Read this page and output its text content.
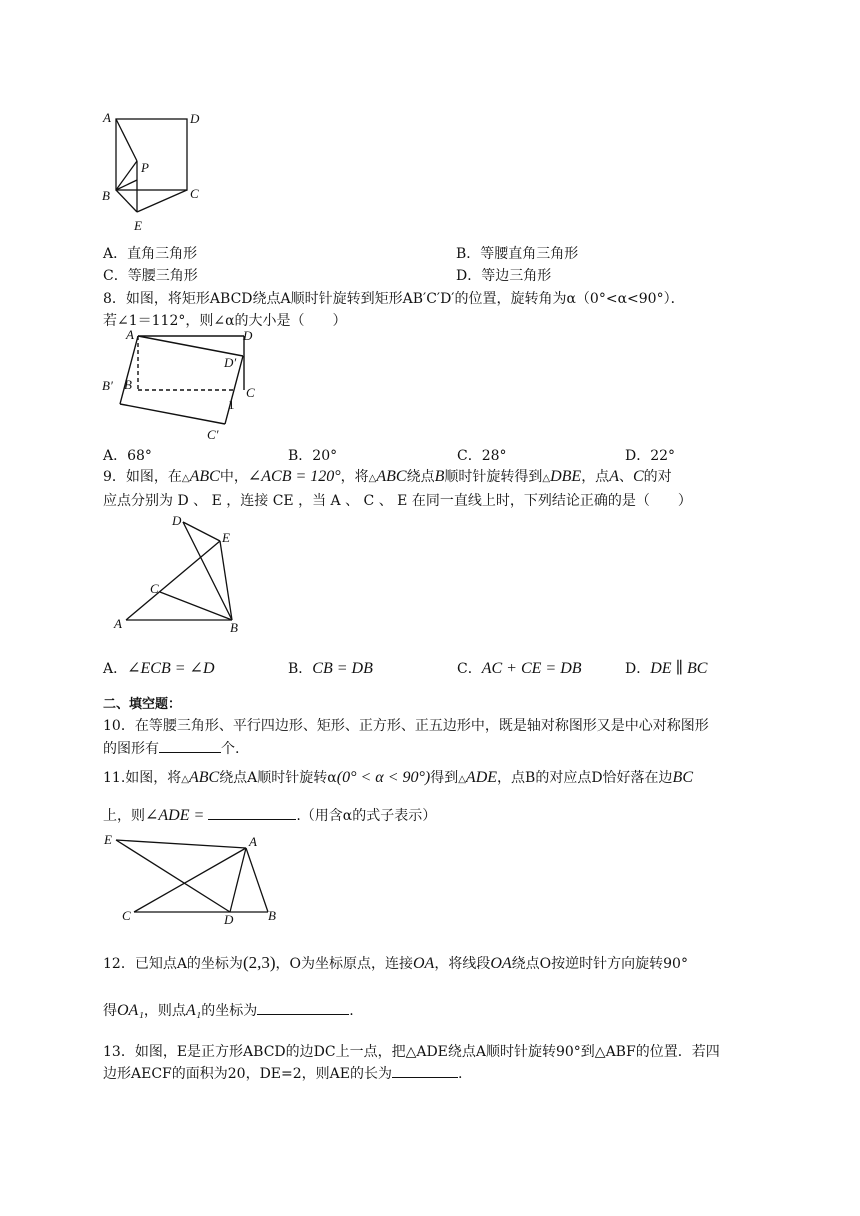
A	D
P
B	C
E
A．直角三角形	B．等腰直角三角形
C．等腰三角形	D．等边三角形
8．如图，将矩形ABCD绕点A顺时针旋转到矩形AB′C′D′的位置，旋转角为α（0°<α<90°）．
若∠1＝112°，则∠α的大小是（　　）
A	D
D′
B′ B
C
1
C′
A．68°	B．20°	C．28°	D．22°
9．如图，在△ABC中，∠ACB = 120°，将△ABC绕点B顺时针旋转得到△DBE，点A、C的对
应点分别为 D 、 E ，连接 CE ，当 A 、 C 、 E 在同一直线上时，下列结论正确的是（　　）
D
E
C
A	B
A．∠ECB = ∠D	B．CB = DB	C．AC + CE = DB	D．DE ∥ BC
二、填空题：
10．在等腰三角形、平行四边形、矩形、正方形、正五边形中，既是轴对称图形又是中心对称图形
的图形有	个.
11.如图，将△ABC绕点A顺时针旋转α(0° < α < 90°)得到△ADE，点B的对应点D恰好落在边BC
上，则∠ADE =	.（用含α的式子表示）
E	A
C	D	B
12．已知点A的坐标为(2,3)，O为坐标原点，连接OA，将线段OA绕点O按逆时针方向旋转90°
得OA₁，则点A₁的坐标为	.
13．如图，E是正方形ABCD的边DC上一点，把△ADE绕点A顺时针旋转90°到△ABF的位置．若四
边形AECF的面积为20，DE=2，则AE的长为	.
